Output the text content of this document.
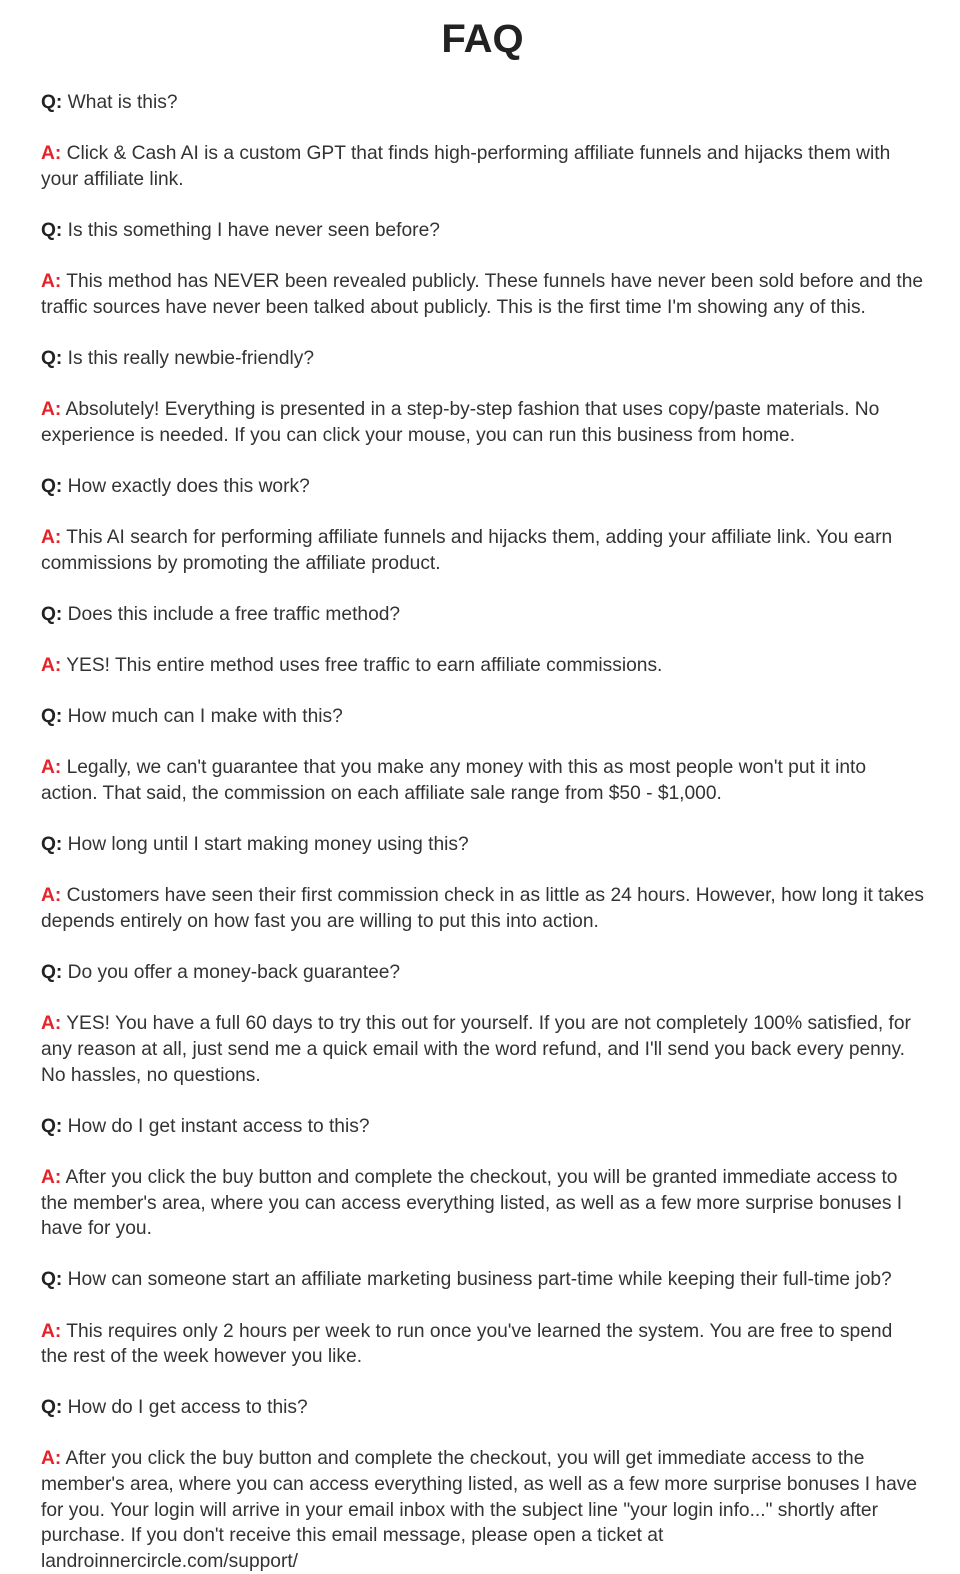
FAQ

Q: What is this?

A: Click & Cash AI is a custom GPT that finds high-performing affiliate funnels and hijacks them with your affiliate link.

Q: Is this something I have never seen before?

A: This method has NEVER been revealed publicly. These funnels have never been sold before and the traffic sources have never been talked about publicly. This is the first time I'm showing any of this.

Q: Is this really newbie-friendly?

A: Absolutely! Everything is presented in a step-by-step fashion that uses copy/paste materials. No experience is needed. If you can click your mouse, you can run this business from home.

Q: How exactly does this work?

A: This AI search for performing affiliate funnels and hijacks them, adding your affiliate link. You earn commissions by promoting the affiliate product.

Q: Does this include a free traffic method?

A: YES! This entire method uses free traffic to earn affiliate commissions.

Q: How much can I make with this?

A: Legally, we can't guarantee that you make any money with this as most people won't put it into action. That said, the commission on each affiliate sale range from $50 - $1,000.

Q: How long until I start making money using this?

A: Customers have seen their first commission check in as little as 24 hours. However, how long it takes depends entirely on how fast you are willing to put this into action.

Q: Do you offer a money-back guarantee?

A: YES! You have a full 60 days to try this out for yourself. If you are not completely 100% satisfied, for any reason at all, just send me a quick email with the word refund, and I'll send you back every penny. No hassles, no questions.

Q: How do I get instant access to this?

A: After you click the buy button and complete the checkout, you will be granted immediate access to the member's area, where you can access everything listed, as well as a few more surprise bonuses I have for you.

Q: How can someone start an affiliate marketing business part-time while keeping their full-time job?

A: This requires only 2 hours per week to run once you've learned the system. You are free to spend the rest of the week however you like.

Q: How do I get access to this?

A: After you click the buy button and complete the checkout, you will get immediate access to the member's area, where you can access everything listed, as well as a few more surprise bonuses I have for you. Your login will arrive in your email inbox with the subject line "your login info..." shortly after purchase. If you don't receive this email message, please open a ticket at landroinnercircle.com/support/
